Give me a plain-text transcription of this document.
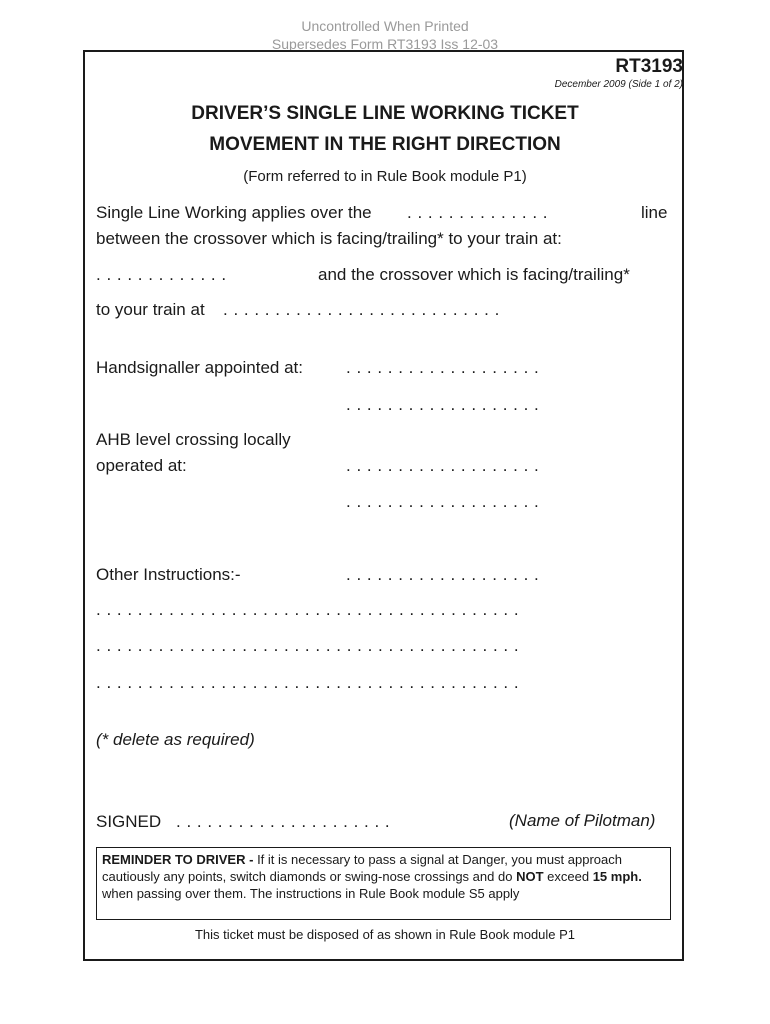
Uncontrolled When Printed
Supersedes Form RT3193 Iss 12-03
RT3193
December 2009 (Side 1 of 2)
DRIVER’S SINGLE LINE WORKING TICKET
MOVEMENT IN THE RIGHT DIRECTION
(Form referred to in Rule Book module P1)
Single Line Working applies over the . . . . . . . . . . . . . .	line
between the crossover which is facing/trailing* to your train at:
. . . . . . . . . . . . .	and the crossover which is facing/trailing*
to your train at . . . . . . . . . . . . . . . . . . . . . . . . . . .
Handsignaller appointed at:	. . . . . . . . . . . . . . . . . . .
. . . . . . . . . . . . . . . . . . .
AHB level crossing locally
operated at:	. . . . . . . . . . . . . . . . . . .
. . . . . . . . . . . . . . . . . . .
Other Instructions:-	. . . . . . . . . . . . . . . . . . .
. . . . . . . . . . . . . . . . . . . . . . . . . . . . . . . . . . . . . . . . .
. . . . . . . . . . . . . . . . . . . . . . . . . . . . . . . . . . . . . . . . .
. . . . . . . . . . . . . . . . . . . . . . . . . . . . . . . . . . . . . . . . .
(* delete as required)
SIGNED . . . . . . . . . . . . . . . . . . . . .	(Name of Pilotman)
REMINDER TO DRIVER - If it is necessary to pass a signal at Danger, you must approach cautiously any points, switch diamonds or swing-nose crossings and do NOT exceed 15 mph. when passing over them. The instructions in Rule Book module S5 apply
This ticket must be disposed of as shown in Rule Book module P1
